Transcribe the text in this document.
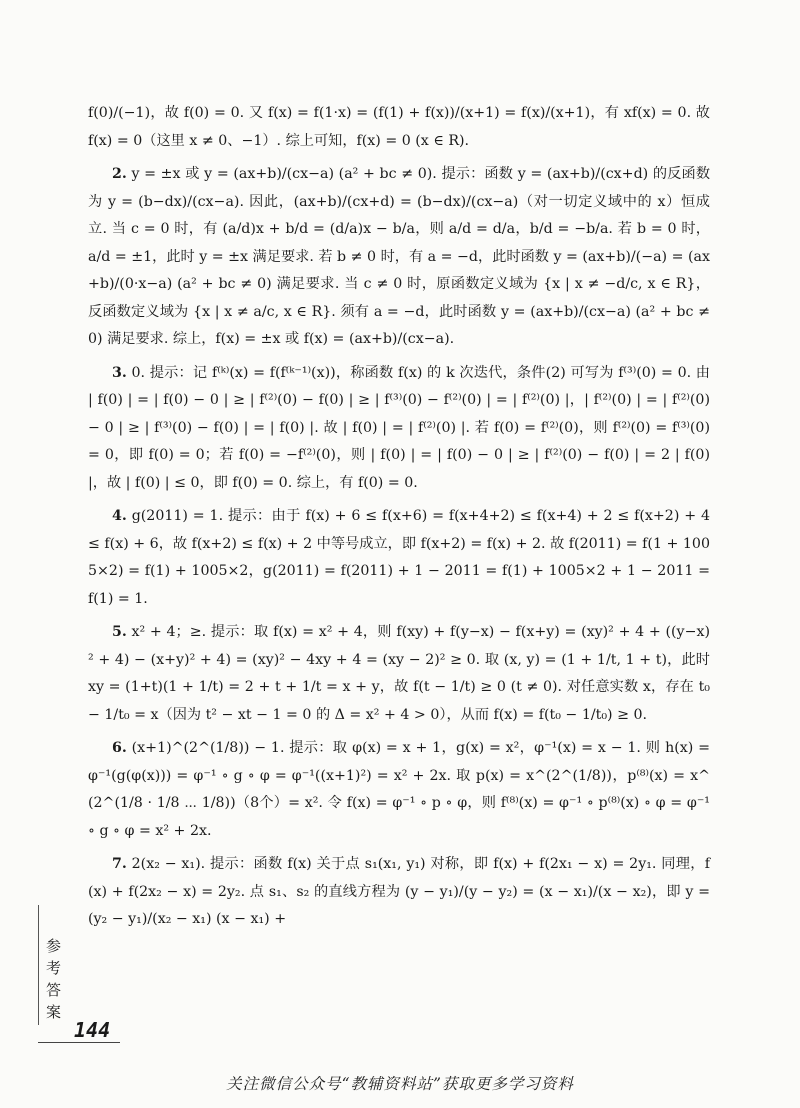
f(0)/(−1)，故 f(0) = 0. 又 f(x) = f(1·x) = (f(1) + f(x))/(x+1) = f(x)/(x+1)，有 xf(x) = 0. 故 f(x) = 0（这里 x ≠ 0、−1）. 综上可知，f(x) = 0 (x ∈ R).

2. y = ±x 或 y = (ax+b)/(cx−a) (a² + bc ≠ 0). 提示：函数 y = (ax+b)/(cx+d) 的反函数为 y = (b−dx)/(cx−a). 因此，(ax+b)/(cx+d) = (b−dx)/(cx−a)（对一切定义域中的 x）恒成立. 当 c = 0 时，有 (a/d)x + b/d = (d/a)x − b/a，则 a/d = d/a，b/d = −b/a. 若 b = 0 时，a/d = ±1，此时 y = ±x 满足要求. 若 b ≠ 0 时，有 a = −d，此时函数 y = (ax+b)/(−a) = (ax+b)/(0·x−a) (a² + bc ≠ 0) 满足要求. 当 c ≠ 0 时，原函数定义域为 {x | x ≠ −d/c, x ∈ R}，反函数定义域为 {x | x ≠ a/c, x ∈ R}. 须有 a = −d，此时函数 y = (ax+b)/(cx−a) (a² + bc ≠ 0) 满足要求. 综上，f(x) = ±x 或 f(x) = (ax+b)/(cx−a).

3. 0. 提示：记 f⁽ᵏ⁾(x) = f(f⁽ᵏ⁻¹⁾(x))，称函数 f(x) 的 k 次迭代，条件(2) 可写为 f⁽³⁾(0) = 0. 由 | f(0) | = | f(0) − 0 | ≥ | f⁽²⁾(0) − f(0) | ≥ | f⁽³⁾(0) − f⁽²⁾(0) | = | f⁽²⁾(0) |，| f⁽²⁾(0) | = | f⁽²⁾(0) − 0 | ≥ | f⁽³⁾(0) − f(0) | = | f(0) |. 故 | f(0) | = | f⁽²⁾(0) |. 若 f(0) = f⁽²⁾(0)，则 f⁽²⁾(0) = f⁽³⁾(0) = 0，即 f(0) = 0；若 f(0) = −f⁽²⁾(0)，则 | f(0) | = | f(0) − 0 | ≥ | f⁽²⁾(0) − f(0) | = 2 | f(0) |，故 | f(0) | ≤ 0，即 f(0) = 0. 综上，有 f(0) = 0.

4. g(2011) = 1. 提示：由于 f(x) + 6 ≤ f(x+6) = f(x+4+2) ≤ f(x+4) + 2 ≤ f(x+2) + 4 ≤ f(x) + 6，故 f(x+2) ≤ f(x) + 2 中等号成立，即 f(x+2) = f(x) + 2. 故 f(2011) = f(1 + 1005×2) = f(1) + 1005×2，g(2011) = f(2011) + 1 − 2011 = f(1) + 1005×2 + 1 − 2011 = f(1) = 1.

5. x² + 4；≥. 提示：取 f(x) = x² + 4，则 f(xy) + f(y−x) − f(x+y) = (xy)² + 4 + ((y−x)² + 4) − (x+y)² + 4) = (xy)² − 4xy + 4 = (xy − 2)² ≥ 0. 取 (x, y) = (1 + 1/t, 1 + t)，此时 xy = (1+t)(1 + 1/t) = 2 + t + 1/t = x + y，故 f(t − 1/t) ≥ 0 (t ≠ 0). 对任意实数 x，存在 t₀ − 1/t₀ = x（因为 t² − xt − 1 = 0 的 Δ = x² + 4 > 0），从而 f(x) = f(t₀ − 1/t₀) ≥ 0.

6. (x+1)^(2^(1/8)) − 1. 提示：取 φ(x) = x + 1，g(x) = x²，φ⁻¹(x) = x − 1. 则 h(x) = φ⁻¹(g(φ(x))) = φ⁻¹ ∘ g ∘ φ = φ⁻¹((x+1)²) = x² + 2x. 取 p(x) = x^(2^(1/8))，p⁽⁸⁾(x) = x^(2^(1/8 · 1/8 ⋯ 1/8))（8个）= x². 令 f(x) = φ⁻¹ ∘ p ∘ φ，则 f⁽⁸⁾(x) = φ⁻¹ ∘ p⁽⁸⁾(x) ∘ φ = φ⁻¹ ∘ g ∘ φ = x² + 2x.

7. 2(x₂ − x₁). 提示：函数 f(x) 关于点 s₁(x₁, y₁) 对称，即 f(x) + f(2x₁ − x) = 2y₁. 同理，f(x) + f(2x₂ − x) = 2y₂. 点 s₁、s₂ 的直线方程为 (y − y₁)/(y − y₂) = (x − x₁)/(x − x₂)，即 y = (y₂ − y₁)/(x₂ − x₁) (x − x₁) +

参考答案
144
关注微信公众号“教辅资料站”获取更多学习资料
